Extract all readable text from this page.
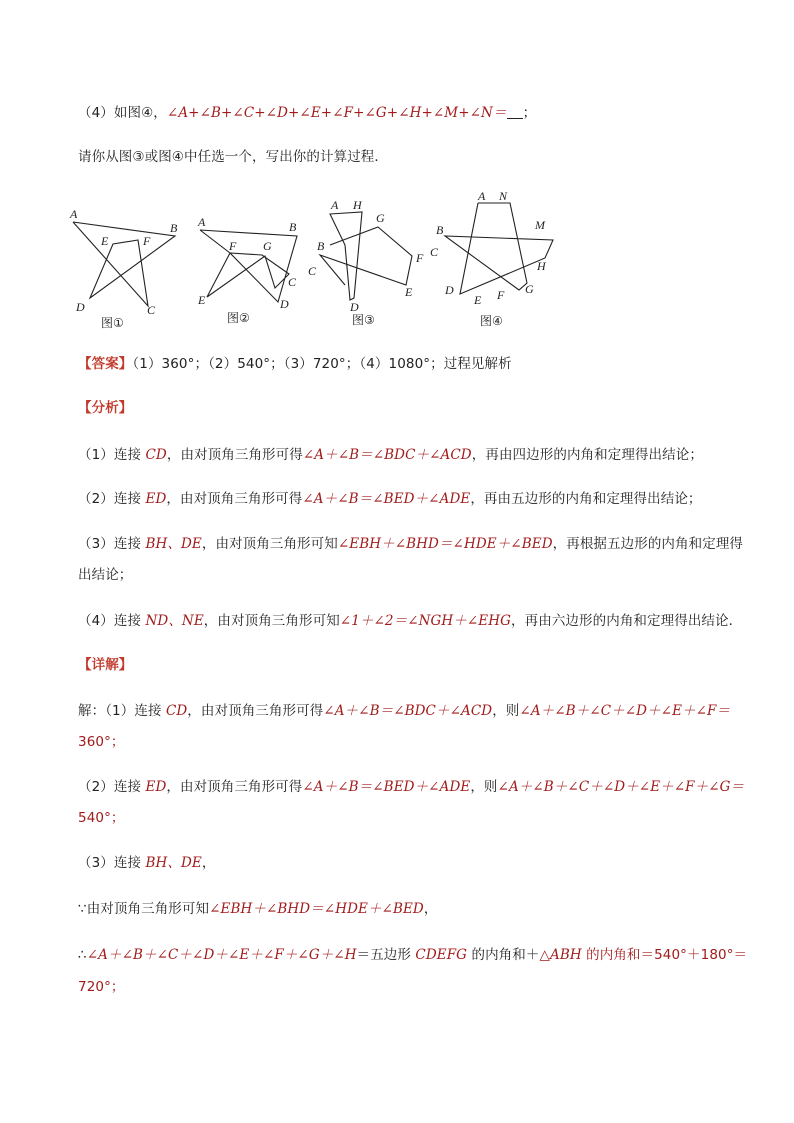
（4）如图④，∠A+∠B+∠C+∠D+∠E+∠F+∠G+∠H+∠M+∠N＝ ；
请你从图③或图④中任选一个，写出你的计算过程．
A
B
E	F
D	C
图①
A	B
F G
C
E	D
图②
A H
G
B
F
C
E
D
图③
A N
M
B
C
H
D
E F G
图④
【答案】（1）360°；（2）540°；（3）720°；（4）1080°；过程见解析
【分析】
（1）连接 CD，由对顶角三角形可得∠A＋∠B＝∠BDC＋∠ACD，再由四边形的内角和定理得出结论；
（2）连接 ED，由对顶角三角形可得∠A＋∠B＝∠BED＋∠ADE，再由五边形的内角和定理得出结论；
（3）连接 BH、DE，由对顶角三角形可知∠EBH＋∠BHD＝∠HDE＋∠BED，再根据五边形的内角和定理得
出结论；
（4）连接 ND、NE，由对顶角三角形可知∠1＋∠2＝∠NGH＋∠EHG，再由六边形的内角和定理得出结论．
【详解】
解：（1）连接 CD，由对顶角三角形可得∠A＋∠B＝∠BDC＋∠ACD，则∠A＋∠B＋∠C＋∠D＋∠E＋∠F＝
360°；
（2）连接 ED，由对顶角三角形可得∠A＋∠B＝∠BED＋∠ADE，则∠A＋∠B＋∠C＋∠D＋∠E＋∠F＋∠G＝
540°；
（3）连接 BH、DE，
∵由对顶角三角形可知∠EBH＋∠BHD＝∠HDE＋∠BED，
∴∠A＋∠B＋∠C＋∠D＋∠E＋∠F＋∠G＋∠H＝五边形 CDEFG 的内角和＋△ABH 的内角和＝540°＋180°＝
720°；
